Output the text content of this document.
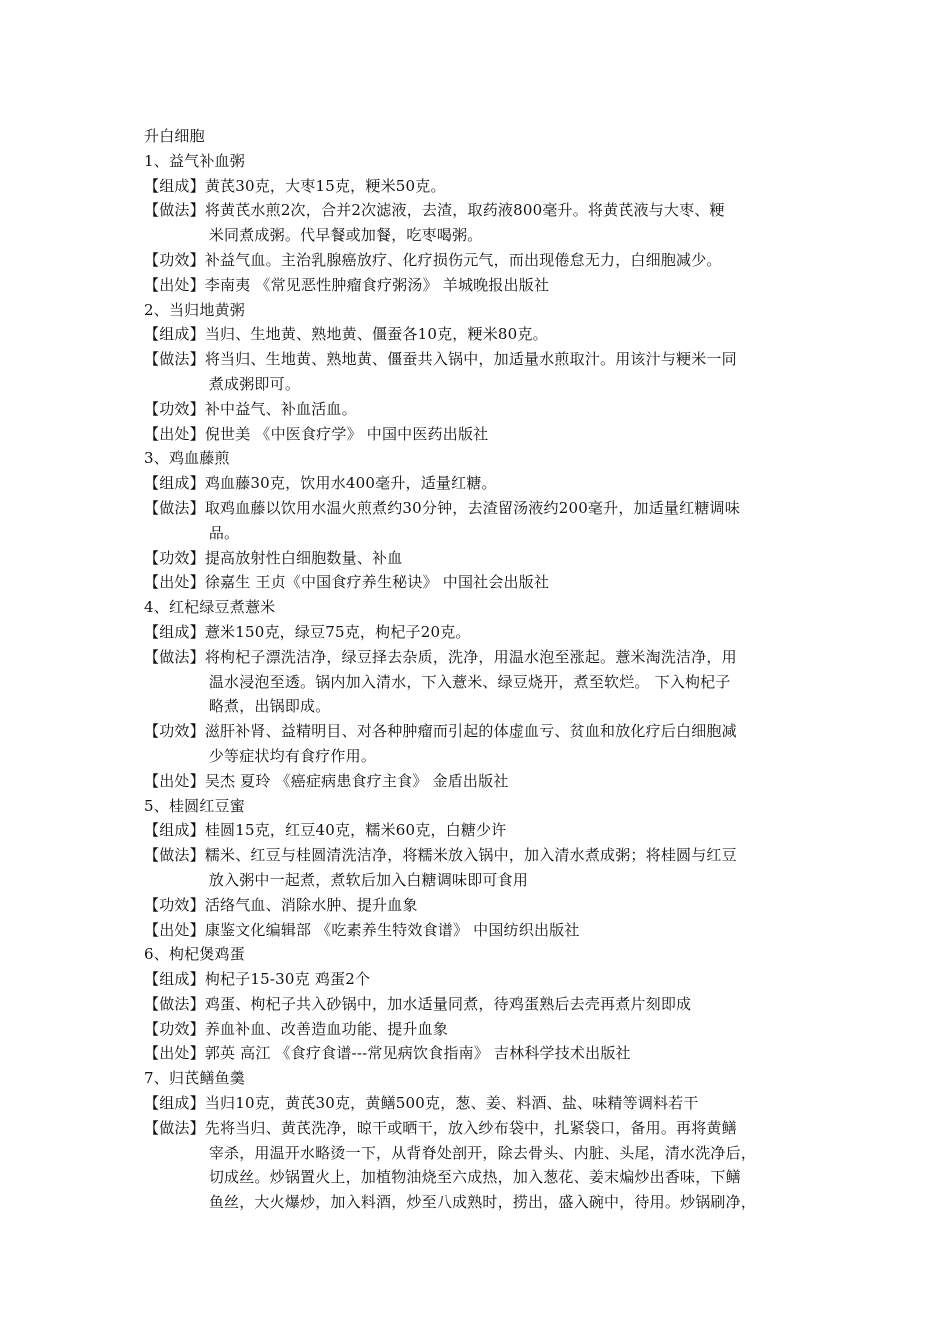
升白细胞
1、益气补血粥
【组成】 黄芪30克，大枣15克，粳米50克。
【做法】 将黄芪水煎2次，合并2次滤液，去渣，取药液800毫升。将黄芪液与大枣、粳
米同煮成粥。代早餐或加餐，吃枣喝粥。
【功效】 补益气血。主治乳腺癌放疗、化疗损伤元气，而出现倦怠无力，白细胞减少。
【出处】 李南夷 《常见恶性肿瘤食疗粥汤》 羊城晚报出版社
2、当归地黄粥
【组成】 当归、生地黄、熟地黄、僵蚕各10克，粳米80克。
【做法】 将当归、生地黄、熟地黄、僵蚕共入锅中，加适量水煎取汁。用该汁与粳米一同
煮成粥即可。
【功效】 补中益气、补血活血。
【出处】 倪世美 《中医食疗学》 中国中医药出版社
3、鸡血藤煎
【组成】 鸡血藤30克，饮用水400毫升，适量红糖。
【做法】 取鸡血藤以饮用水温火煎煮约30分钟，去渣留汤液约200毫升，加适量红糖调味
品。
【功效】 提高放射性白细胞数量、补血
【出处】 徐嘉生 王贞《中国食疗养生秘诀》 中国社会出版社
4、红杞绿豆煮薏米
【组成】 薏米150克，绿豆75克，枸杞子20克。
【做法】 将枸杞子漂洗洁净，绿豆择去杂质，洗净，用温水泡至涨起。薏米淘洗洁净，用
温水浸泡至透。锅内加入清水，下入薏米、绿豆烧开，煮至软烂。 下入枸杞子
略煮，出锅即成。
【功效】 滋肝补肾、益精明目、对各种肿瘤而引起的体虚血亏、贫血和放化疗后白细胞减
少等症状均有食疗作用。
【出处】 吴杰 夏玲 《癌症病患食疗主食》 金盾出版社
5、桂圆红豆蜜
【组成】 桂圆15克，红豆40克，糯米60克，白糖少许
【做法】 糯米、红豆与桂圆清洗洁净，将糯米放入锅中，加入清水煮成粥；将桂圆与红豆
放入粥中一起煮，煮软后加入白糖调味即可食用
【功效】 活络气血、消除水肿、提升血象
【出处】 康鉴文化编辑部 《吃素养生特效食谱》 中国纺织出版社
6、枸杞煲鸡蛋
【组成】 枸杞子15-30克 鸡蛋2个
【做法】 鸡蛋、枸杞子共入砂锅中，加水适量同煮，待鸡蛋熟后去壳再煮片刻即成
【功效】 养血补血、改善造血功能、提升血象
【出处】 郭英 高江 《食疗食谱---常见病饮食指南》 吉林科学技术出版社
7、归芪鳝鱼羹
【组成】 当归10克，黄芪30克，黄鳝500克，葱、姜、料酒、盐、味精等调料若干
【做法】 先将当归、黄芪洗净，晾干或晒干，放入纱布袋中，扎紧袋口，备用。再将黄鳝
宰杀，用温开水略烫一下，从背脊处剖开，除去骨头、内脏、头尾，清水洗净后，
切成丝。炒锅置火上，加植物油烧至六成热，加入葱花、姜末煸炒出香味，下鳝
鱼丝，大火爆炒，加入料酒，炒至八成熟时，捞出，盛入碗中，待用。炒锅刷净，
